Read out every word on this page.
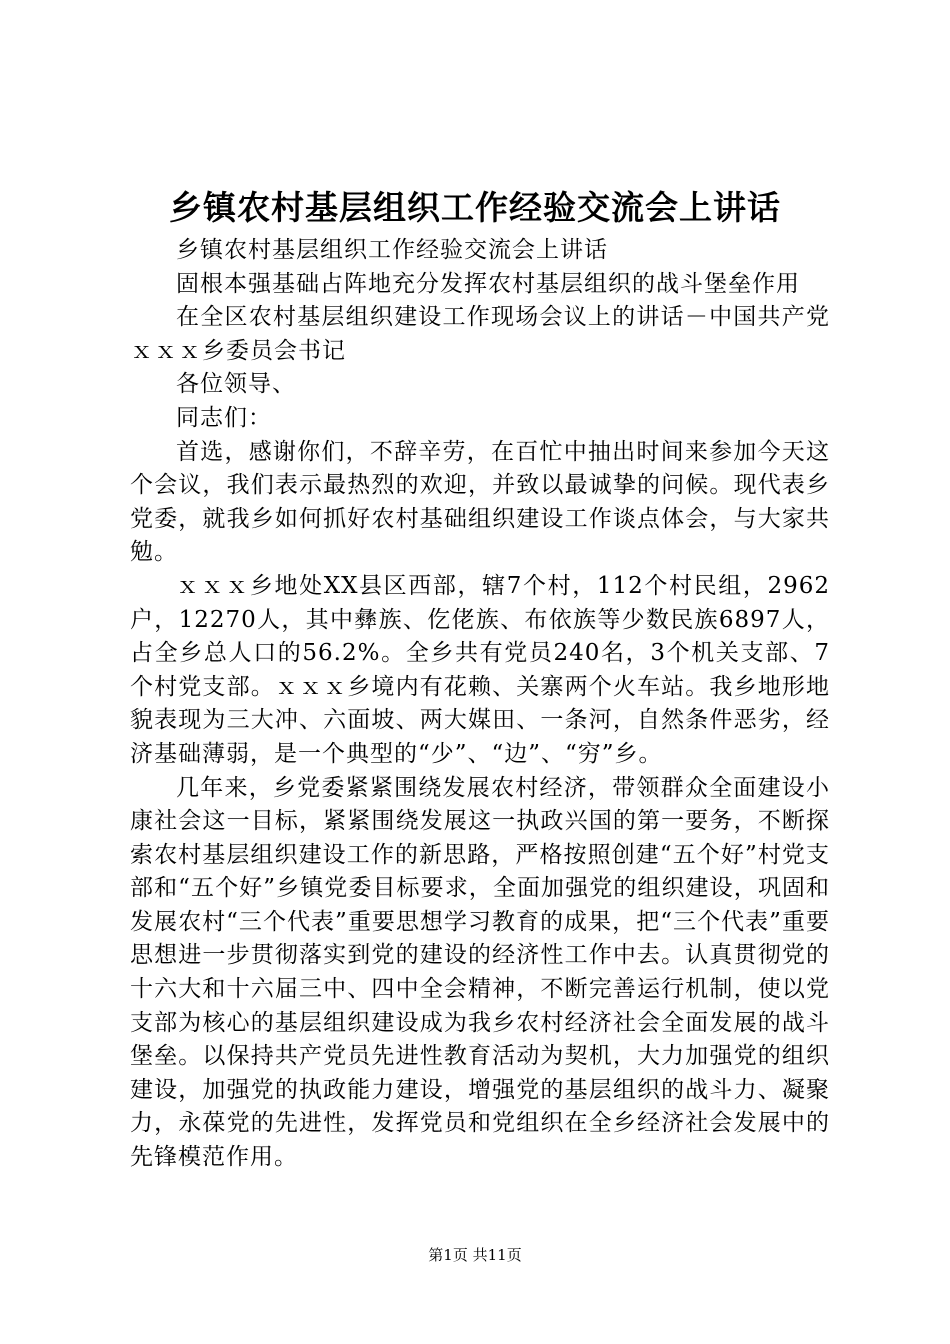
乡镇农村基层组织工作经验交流会上讲话

乡镇农村基层组织工作经验交流会上讲话

固根本强基础占阵地充分发挥农村基层组织的战斗堡垒作用

在全区农村基层组织建设工作现场会议上的讲话－中国共产党ｘｘｘ乡委员会书记

各位领导、

同志们：

首选，感谢你们，不辞辛劳，在百忙中抽出时间来参加今天这个会议，我们表示最热烈的欢迎，并致以最诚挚的问候。现代表乡党委，就我乡如何抓好农村基础组织建设工作谈点体会，与大家共勉。

ｘｘｘ乡地处XX县区西部，辖7个村，112个村民组，2962户，12270人，其中彝族、仡佬族、布依族等少数民族6897人，占全乡总人口的56.2%。全乡共有党员240名，3个机关支部、7个村党支部。ｘｘｘ乡境内有花赖、关寨两个火车站。我乡地形地貌表现为三大冲、六面坡、两大媒田、一条河，自然条件恶劣，经济基础薄弱，是一个典型的“少”、“边”、“穷”乡。

几年来，乡党委紧紧围绕发展农村经济，带领群众全面建设小康社会这一目标，紧紧围绕发展这一执政兴国的第一要务，不断探索农村基层组织建设工作的新思路，严格按照创建“五个好”村党支部和“五个好”乡镇党委目标要求，全面加强党的组织建设，巩固和发展农村“三个代表”重要思想学习教育的成果，把“三个代表”重要思想进一步贯彻落实到党的建设的经济性工作中去。认真贯彻党的十六大和十六届三中、四中全会精神，不断完善运行机制，使以党支部为核心的基层组织建设成为我乡农村经济社会全面发展的战斗堡垒。以保持共产党员先进性教育活动为契机，大力加强党的组织建设，加强党的执政能力建设，增强党的基层组织的战斗力、凝聚力，永葆党的先进性，发挥党员和党组织在全乡经济社会发展中的先锋模范作用。

第1页 共11页
